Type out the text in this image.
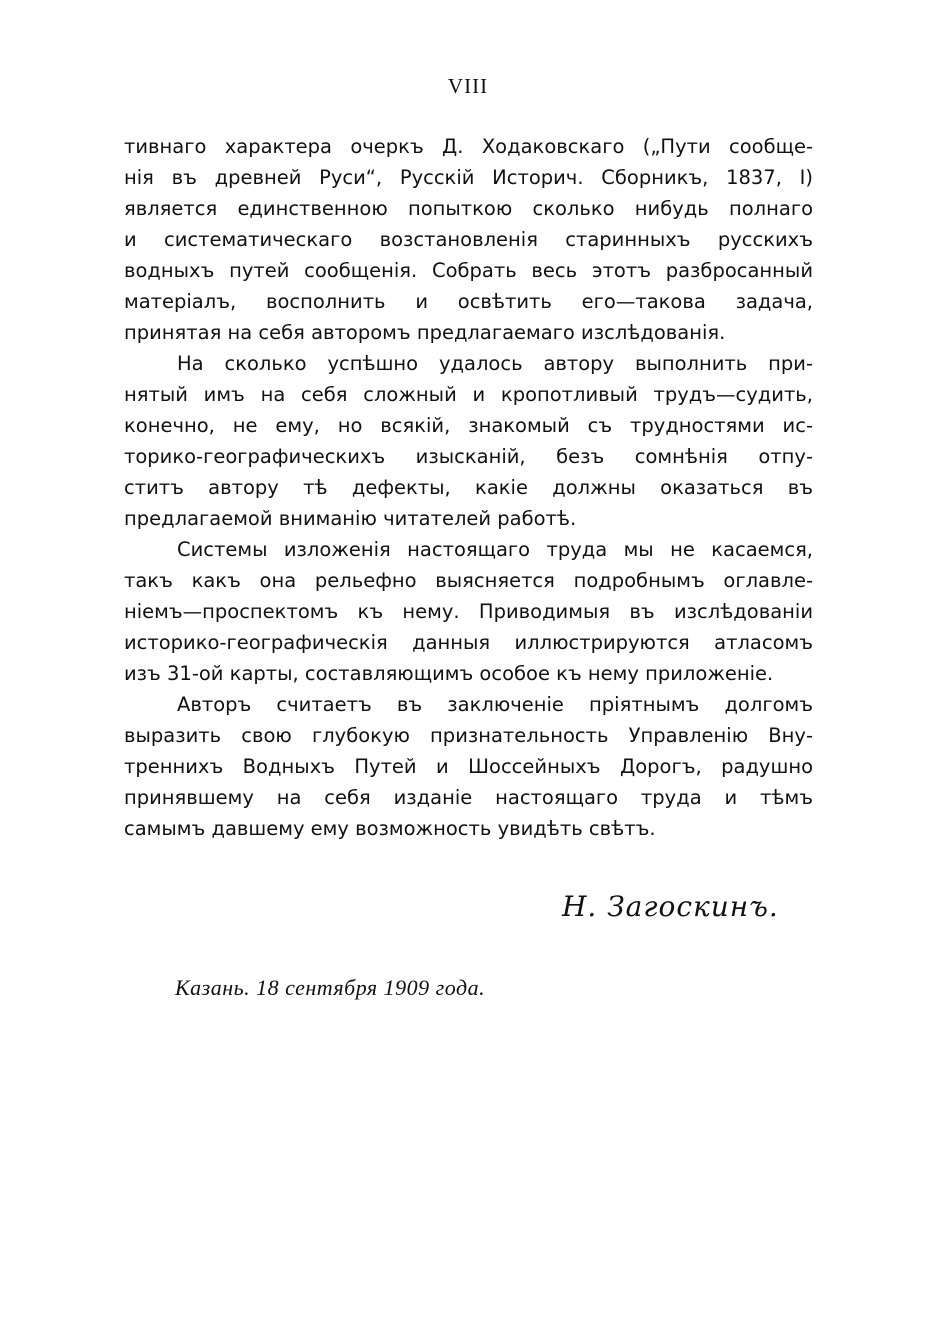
VIII
тивнаго характера очеркъ Д. Ходаковскаго („Пути сообще-
нія въ древней Руси“, Русскій Историч. Сборникъ, 1837, I)
является единственною попыткою сколько нибудь полнаго
и систематическаго возстановленія старинныхъ русскихъ
водныхъ путей сообщенія. Собрать весь этотъ разбросанный
матеріалъ, восполнить и освѣтить его—такова задача,
принятая на себя авторомъ предлагаемаго изслѣдованія.
На сколько успѣшно удалось автору выполнить при-
нятый имъ на себя сложный и кропотливый трудъ—судить,
конечно, не ему, но всякій, знакомый съ трудностями ис-
торико-географическихъ изысканій, безъ сомнѣнія отпу-
ститъ автору тѣ дефекты, какіе должны оказаться въ
предлагаемой вниманію читателей работѣ.
Системы изложенія настоящаго труда мы не касаемся,
такъ какъ она рельефно выясняется подробнымъ оглавле-
ніемъ—проспектомъ къ нему. Приводимыя въ изслѣдованіи
историко-географическія данныя иллюстрируются атласомъ
изъ 31-ой карты, составляющимъ особое къ нему приложеніе.
Авторъ считаетъ въ заключеніе пріятнымъ долгомъ
выразить свою глубокую признательность Управленію Вну-
треннихъ Водныхъ Путей и Шоссейныхъ Дорогъ, радушно
принявшему на себя изданіе настоящаго труда и тѣмъ
самымъ давшему ему возможность увидѣть свѣтъ.
Н. Загоскинъ.
Казань. 18 сентября 1909 года.
